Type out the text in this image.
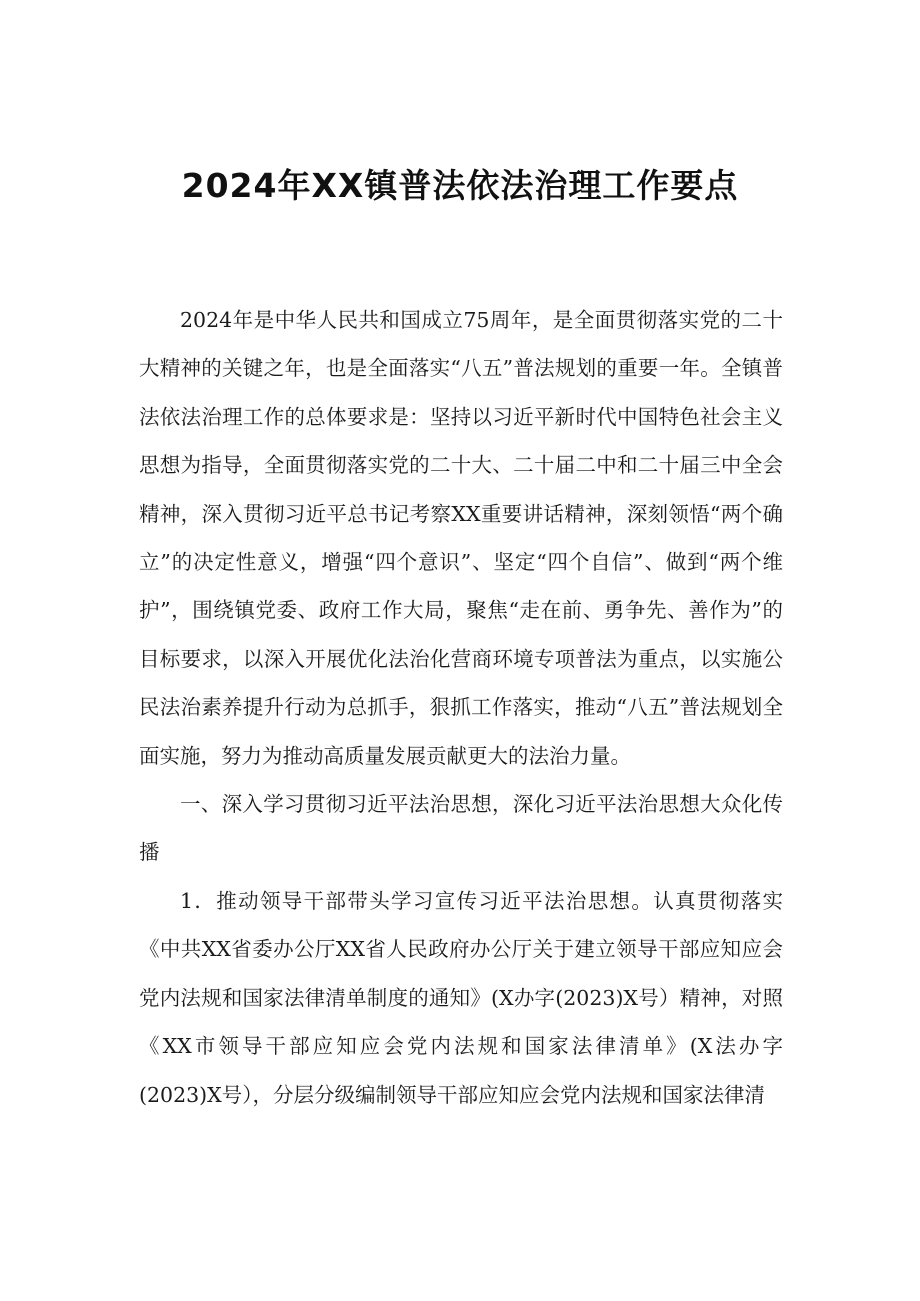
2024年XX镇普法依法治理工作要点

2024年是中华人民共和国成立75周年，是全面贯彻落实党的二十大精神的关键之年，也是全面落实“八五”普法规划的重要一年。全镇普法依法治理工作的总体要求是：坚持以习近平新时代中国特色社会主义思想为指导，全面贯彻落实党的二十大、二十届二中和二十届三中全会精神，深入贯彻习近平总书记考察XX重要讲话精神，深刻领悟“两个确立”的决定性意义，增强“四个意识”、坚定“四个自信”、做到“两个维护”，围绕镇党委、政府工作大局，聚焦“走在前、勇争先、善作为”的目标要求，以深入开展优化法治化营商环境专项普法为重点，以实施公民法治素养提升行动为总抓手，狠抓工作落实，推动“八五”普法规划全面实施，努力为推动高质量发展贡献更大的法治力量。

一、深入学习贯彻习近平法治思想，深化习近平法治思想大众化传播

1．推动领导干部带头学习宣传习近平法治思想。认真贯彻落实《中共XX省委办公厅XX省人民政府办公厅关于建立领导干部应知应会党内法规和国家法律清单制度的通知》(X办字(2023)X号）精神，对照《XX市领导干部应知应会党内法规和国家法律清单》(X法办字(2023)X号），分层分级编制领导干部应知应会党内法规和国家法律清
